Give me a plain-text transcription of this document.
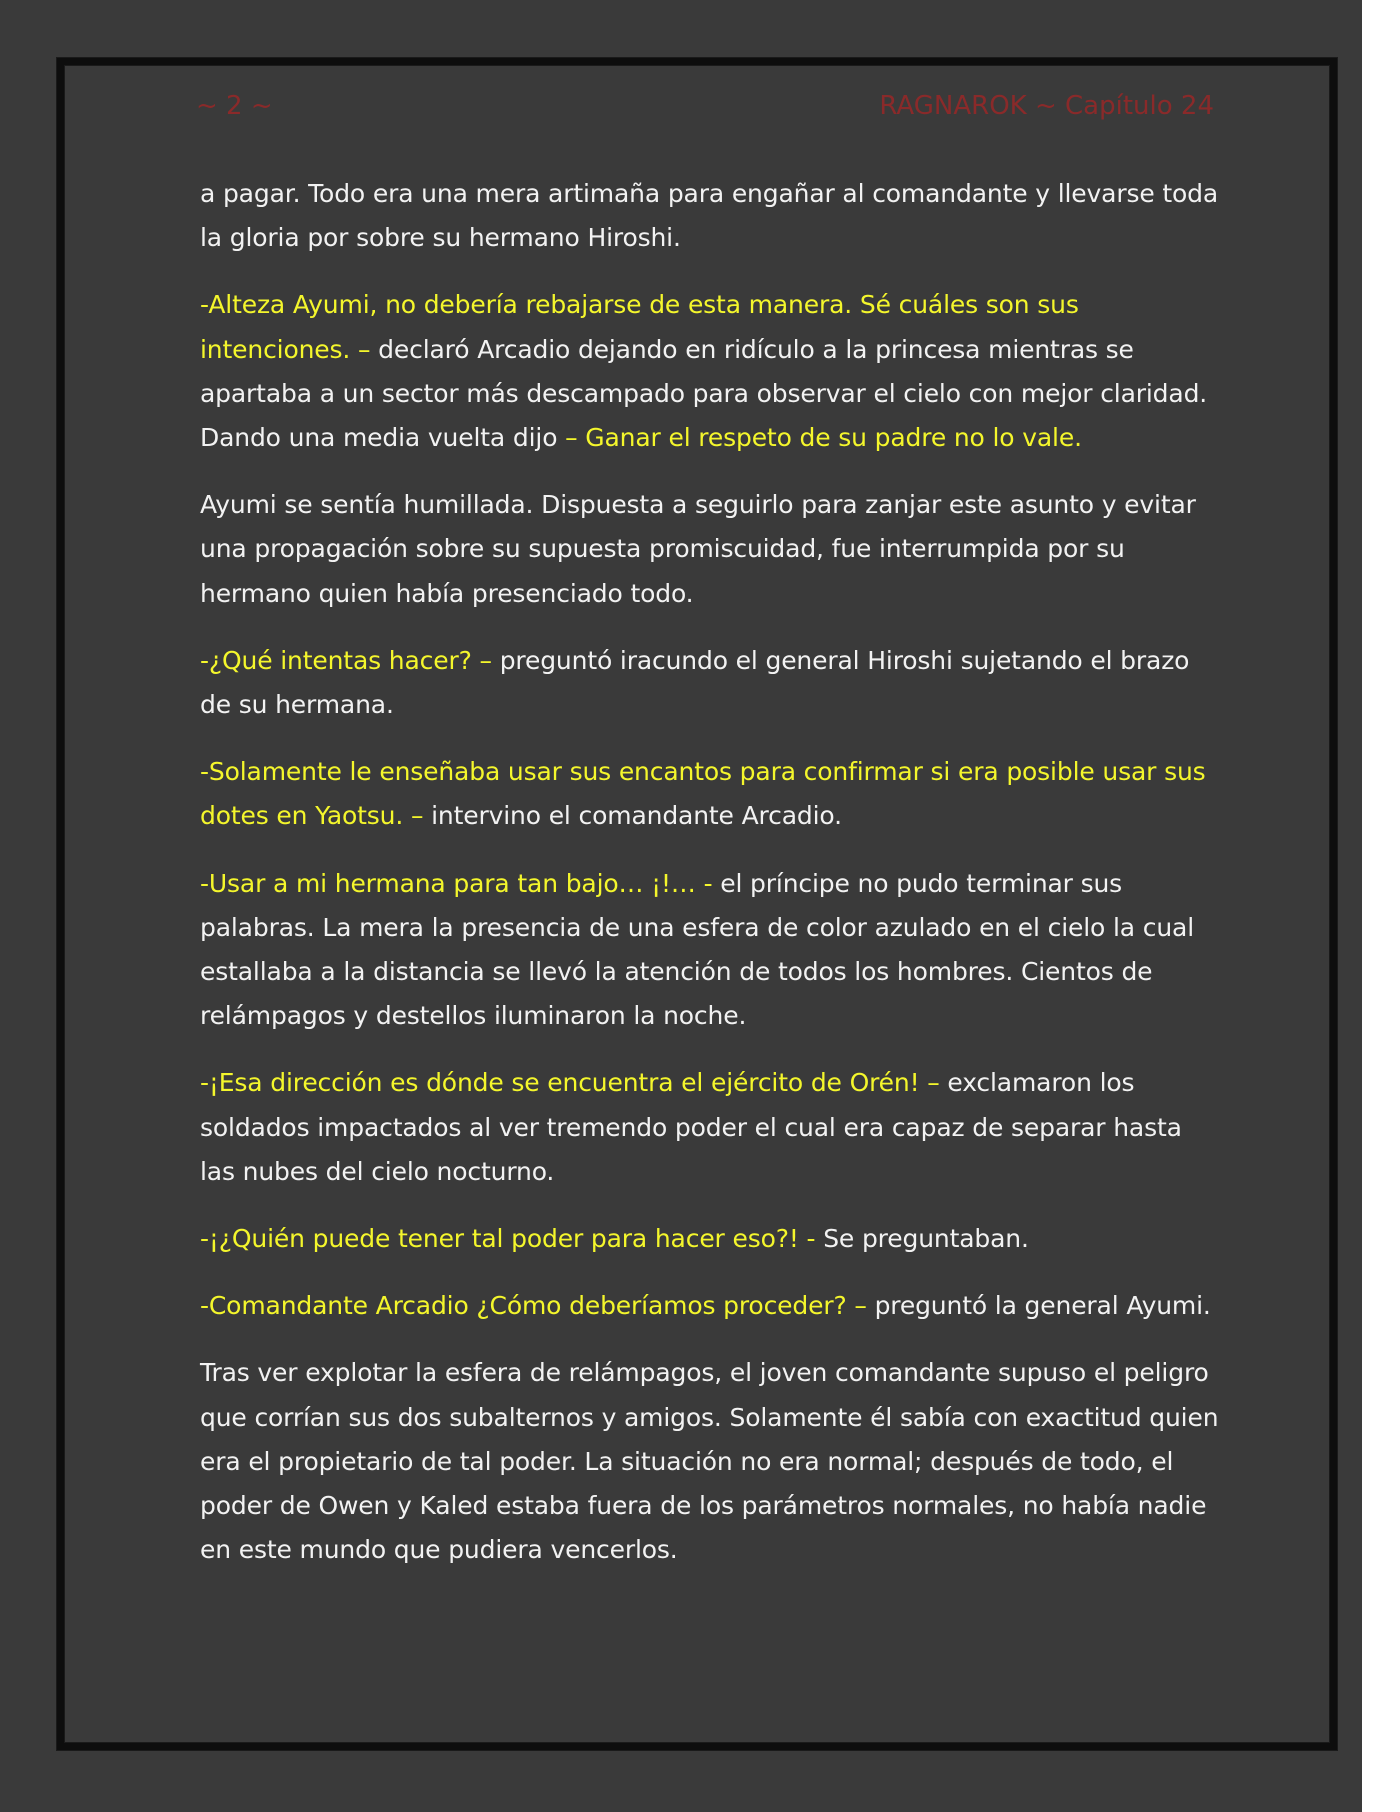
~ 2 ~	RAGNAROK ~ Capítulo 24

a pagar. Todo era una mera artimaña para engañar al comandante y llevarse toda la gloria por sobre su hermano Hiroshi.

-Alteza Ayumi, no debería rebajarse de esta manera. Sé cuáles son sus intenciones. – declaró Arcadio dejando en ridículo a la princesa mientras se apartaba a un sector más descampado para observar el cielo con mejor claridad. Dando una media vuelta dijo – Ganar el respeto de su padre no lo vale.

Ayumi se sentía humillada. Dispuesta a seguirlo para zanjar este asunto y evitar una propagación sobre su supuesta promiscuidad, fue interrumpida por su hermano quien había presenciado todo.

-¿Qué intentas hacer? – preguntó iracundo el general Hiroshi sujetando el brazo de su hermana.

-Solamente le enseñaba usar sus encantos para confirmar si era posible usar sus dotes en Yaotsu. – intervino el comandante Arcadio.

-Usar a mi hermana para tan bajo… ¡!… - el príncipe no pudo terminar sus palabras. La mera la presencia de una esfera de color azulado en el cielo la cual estallaba a la distancia se llevó la atención de todos los hombres. Cientos de relámpagos y destellos iluminaron la noche.

-¡Esa dirección es dónde se encuentra el ejército de Orén! – exclamaron los soldados impactados al ver tremendo poder el cual era capaz de separar hasta las nubes del cielo nocturno.

-¡¿Quién puede tener tal poder para hacer eso?! - Se preguntaban.

-Comandante Arcadio ¿Cómo deberíamos proceder? – preguntó la general Ayumi.

Tras ver explotar la esfera de relámpagos, el joven comandante supuso el peligro que corrían sus dos subalternos y amigos. Solamente él sabía con exactitud quien era el propietario de tal poder. La situación no era normal; después de todo, el poder de Owen y Kaled estaba fuera de los parámetros normales, no había nadie en este mundo que pudiera vencerlos.
